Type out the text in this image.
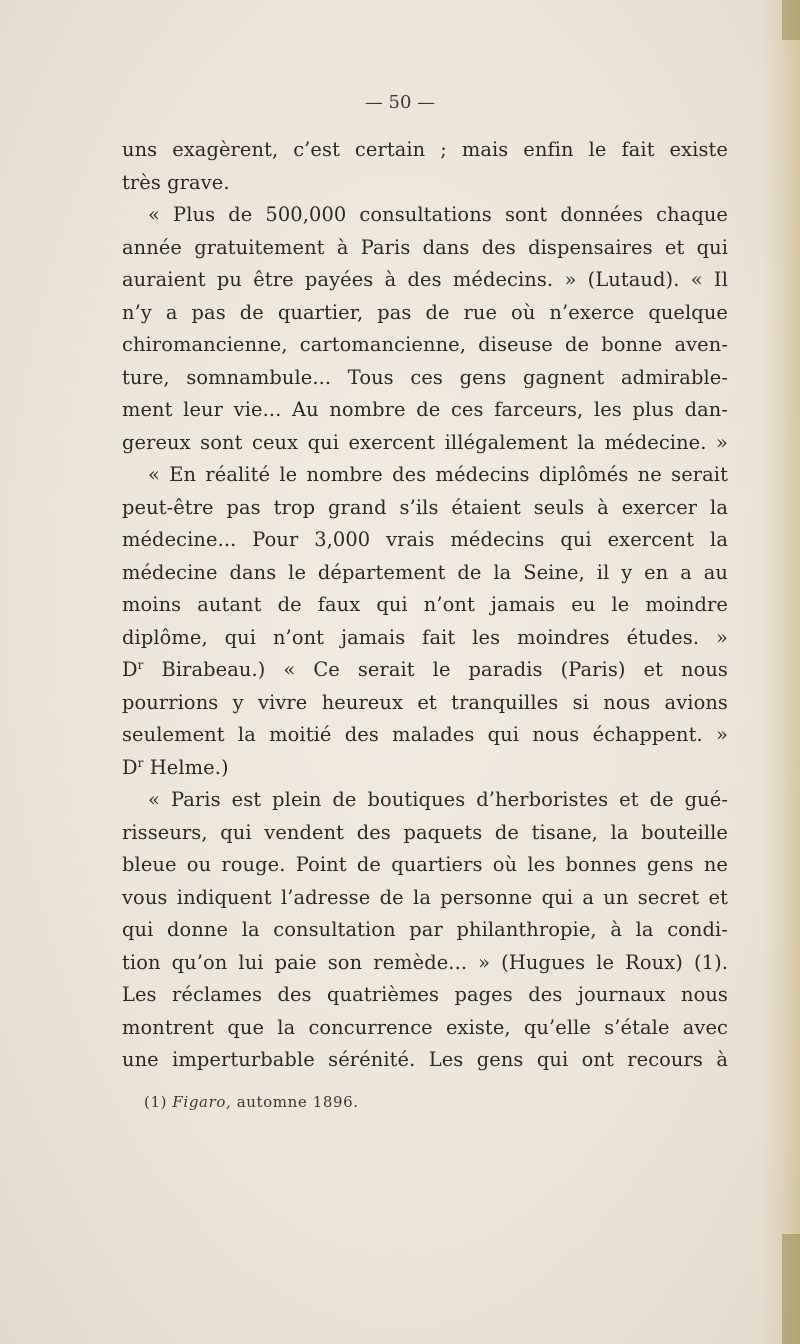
— 50 —
uns exagèrent, c’est certain ; mais enfin le fait existe
très grave.
« Plus de 500,000 consultations sont données chaque
année gratuitement à Paris dans des dispensaires et qui
auraient pu être payées à des médecins. » (Lutaud). « Il
n’y a pas de quartier, pas de rue où n’exerce quelque
chiromancienne, cartomancienne, diseuse de bonne aven-
ture, somnambule... Tous ces gens gagnent admirable-
ment leur vie... Au nombre de ces farceurs, les plus dan-
gereux sont ceux qui exercent illégalement la médecine. »
« En réalité le nombre des médecins diplômés ne serait
peut-être pas trop grand s’ils étaient seuls à exercer la
médecine... Pour 3,000 vrais médecins qui exercent la
médecine dans le département de la Seine, il y en a au
moins autant de faux qui n’ont jamais eu le moindre
diplôme, qui n’ont jamais fait les moindres études. »
$D^r$ Birabeau.) « Ce serait le paradis (Paris) et nous
pourrions y vivre heureux et tranquilles si nous avions
seulement la moitié des malades qui nous échappent. »
$D^r$ Helme.)
« Paris est plein de boutiques d’herboristes et de gué-
risseurs, qui vendent des paquets de tisane, la bouteille
bleue ou rouge. Point de quartiers où les bonnes gens ne
vous indiquent l’adresse de la personne qui a un secret et
qui donne la consultation par philanthropie, à la condi-
tion qu’on lui paie son remède... » (Hugues le Roux) (1).
Les réclames des quatrièmes pages des journaux nous
montrent que la concurrence existe, qu’elle s’étale avec
une imperturbable sérénité. Les gens qui ont recours à
(1) Figaro, automne 1896.
